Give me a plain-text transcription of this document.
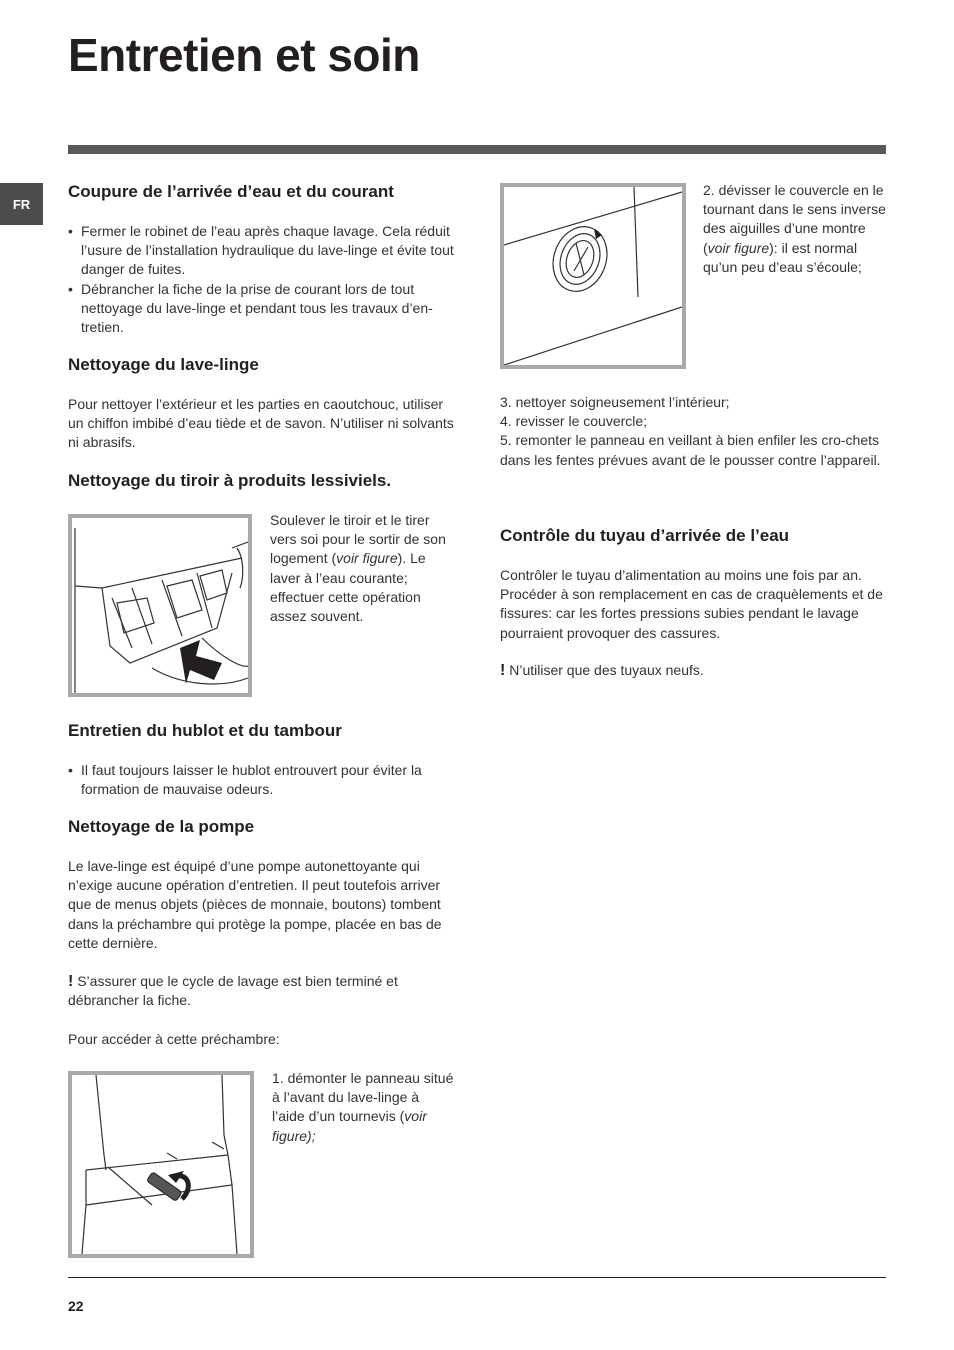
Entretien et soin
FR
Coupure de l’arrivée d’eau et du courant
• Fermer le robinet de l’eau après chaque lavage. Cela réduit l’usure de l’installation hydraulique du lave-linge et évite tout danger de fuites.
• Débrancher la fiche de la prise de courant lors de tout nettoyage du lave-linge et pendant tous les travaux d’en-tretien.
Nettoyage du lave-linge

Pour nettoyer l’extérieur et les parties en caoutchouc, utiliser un chiffon imbibé d’eau tiède et de savon. N’utiliser ni solvants ni abrasifs.

Nettoyage du tiroir à produits lessiviels.

Soulever le tiroir et le tirer vers soi pour le sortir de son logement (voir figure). Le laver à l’eau courante; effectuer cette opération assez souvent.

Entretien du hublot et du tambour
• Il faut toujours laisser le hublot entrouvert pour éviter la formation de mauvaise odeurs.
Nettoyage de la pompe

Le lave-linge est équipé d’une pompe autonettoyante qui n’exige aucune opération d’entretien. Il peut toutefois arriver que de menus objets (pièces de monnaie, boutons) tombent dans la préchambre qui protège la pompe, placée en bas de cette dernière.

! S’assurer que le cycle de lavage est bien terminé et débrancher la fiche.

Pour accéder à cette préchambre:

1. démonter le panneau situé à l’avant du lave-linge à l’aide d’un tournevis (voir figure);

2. dévisser le couvercle en le tournant dans le sens inverse des aiguilles d’une montre (voir figure): il est normal qu’un peu d’eau s’écoule;

3. nettoyer soigneusement l’intérieur;

4. revisser le couvercle;

5. remonter le panneau en veillant à bien enfiler les cro-chets dans les fentes prévues avant de le pousser contre l’appareil.

Contrôle du tuyau d’arrivée de l’eau

Contrôler le tuyau d’alimentation au moins une fois par an. Procéder à son remplacement en cas de craquèlements et de fissures: car les fortes pressions subies pendant le lavage pourraient provoquer des cassures.

! N’utiliser que des tuyaux neufs.

22
